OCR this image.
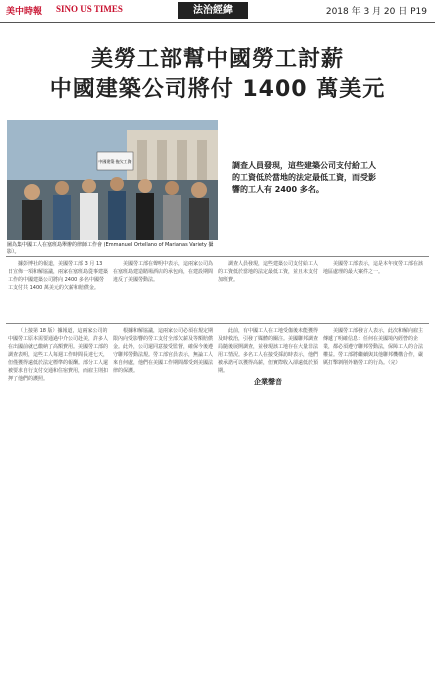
美中時報 SINO US TIMES	法治經緯	2018 年 3 月 20 日 P19
美勞工部幫中國勞工討薪
中國建築公司將付 1400 萬美元
中國建築 拖欠工資
圖為集中國工人在塞班島舉辦的律師工作會 (Emmanuel Ortellano of Marianas Variety 攝影）。
調查人員發現，這些建築公司支付給工人的工資低於當地的法定最低工資，而受影響的工人有 2400 多名。

據彭博社的報道，美國勞工部 3 月 13 日宣佈一項和解協議，兩家在塞班島從事建築工作的中國建築公司將向 2400 多名中國勞工支付共 1400 萬美元的欠薪和賠償金。

美國勞工部在聲明中表示，這兩家公司為在塞班島建造賭場酒店的承包商，在建設期間違反了美國勞動法。

調查人員發現，這些建築公司支付給工人的工資低於當地的法定最低工資，並且未支付加班費。

美國勞工部表示，這是本年度勞工部在該地區處理的最大案件之一。

（上接第 18 版）據報道，這兩家公司的中國勞工原本需要通過中介公司赴美，許多人在出國前就已繳納了高額費用。美國勞工部的調查表明，這些工人每週工作時間長達七天，但僅獲得遠低於法定標準的報酬。部分工人還被要求自行支付交通和住宿費用，而雇主則扣押了他們的護照。

根據和解協議，這兩家公司必須在規定期限內向受影響的勞工支付全部欠薪及等額賠償金。此外，公司還同意接受監督，確保今後遵守聯邦勞動法規。勞工部官員表示，無論工人來自何處，他們在美國工作期間都受到美國法律的保護。

此前，有中國工人在工地受傷後未能獲得及時救治，引發了媒體的關注。美國聯邦調查局隨後展開調查，並發現該工地存在大量非法用工情況。多名工人在接受採訪時表示，他們被承諾可以獲得高薪，但實際收入卻遠低於預期。

企業聲音

美國勞工部發言人表示，此次和解向雇主傳遞了明確信息：任何在美國境內經營的企業，都必須遵守聯邦勞動法，保障工人的合法權益。勞工部將繼續與其他聯邦機構合作，嚴厲打擊剝削外籍勞工的行為。（完）
